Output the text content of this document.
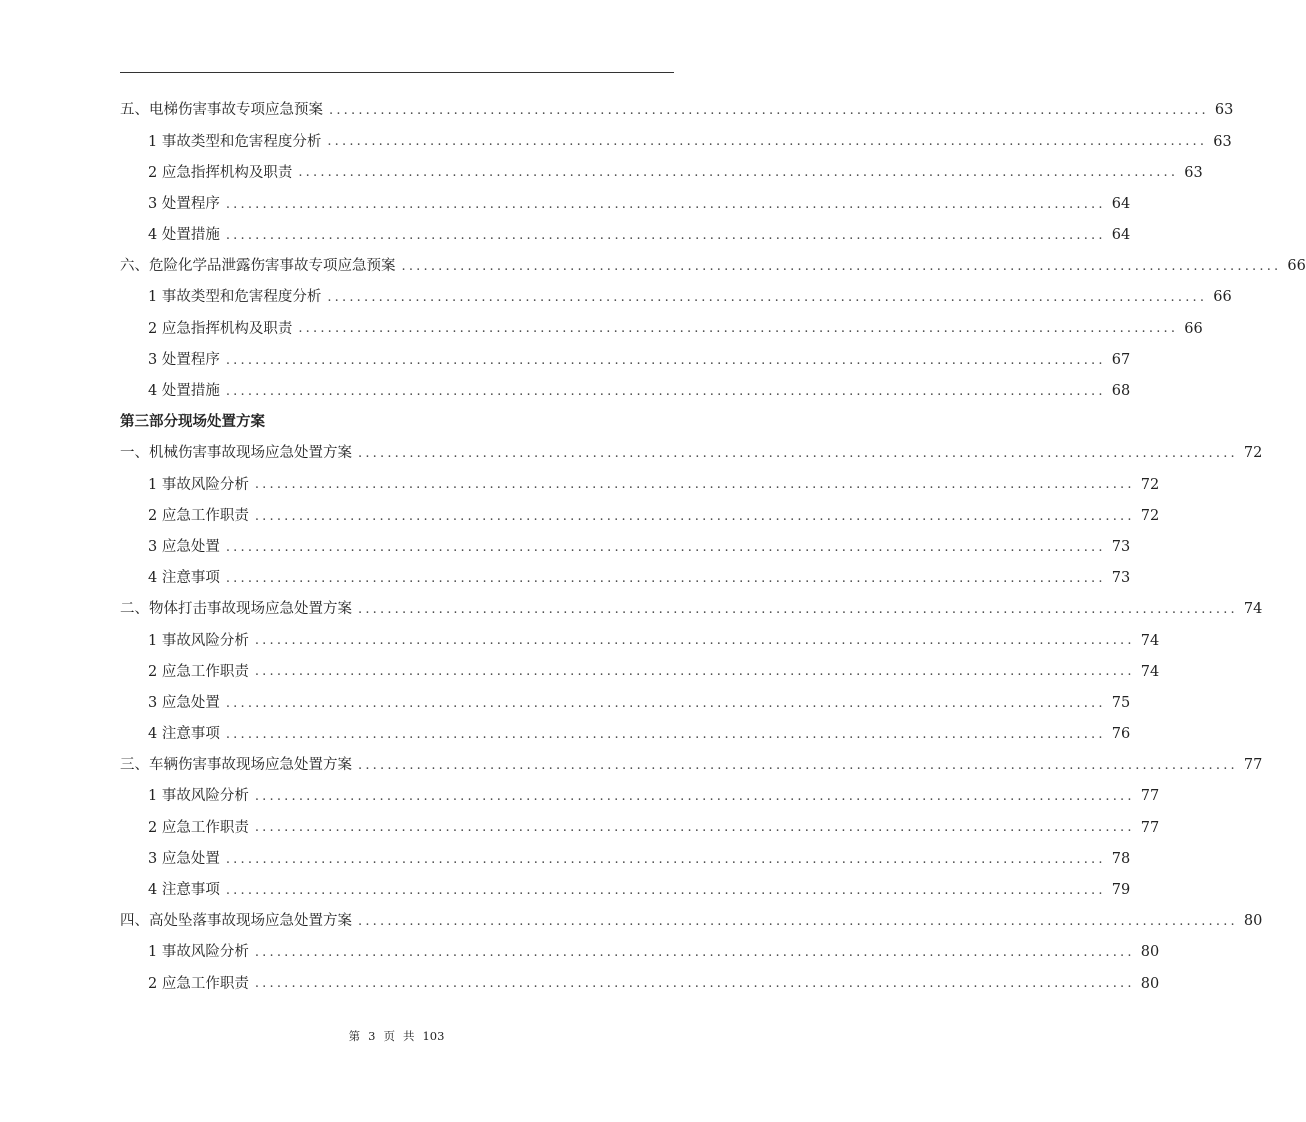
五、电梯伤害事故专项应急预案 ........................................................................................................................ 63
1 事故类型和危害程度分析 ........................................................................................................................ 63
2 应急指挥机构及职责 ........................................................................................................................ 63
3 处置程序 ........................................................................................................................ 64
4 处置措施 ........................................................................................................................ 64
六、危险化学品泄露伤害事故专项应急预案 ........................................................................................................................ 66
1 事故类型和危害程度分析 ........................................................................................................................ 66
2 应急指挥机构及职责 ........................................................................................................................ 66
3 处置程序 ........................................................................................................................ 67
4 处置措施 ........................................................................................................................ 68
第三部分现场处置方案
一、机械伤害事故现场应急处置方案 ........................................................................................................................ 72
1 事故风险分析 ........................................................................................................................ 72
2 应急工作职责 ........................................................................................................................ 72
3 应急处置 ........................................................................................................................ 73
4 注意事项 ........................................................................................................................ 73
二、物体打击事故现场应急处置方案 ........................................................................................................................ 74
1 事故风险分析 ........................................................................................................................ 74
2 应急工作职责 ........................................................................................................................ 74
3 应急处置 ........................................................................................................................ 75
4 注意事项 ........................................................................................................................ 76
三、车辆伤害事故现场应急处置方案 ........................................................................................................................ 77
1 事故风险分析 ........................................................................................................................ 77
2 应急工作职责 ........................................................................................................................ 77
3 应急处置 ........................................................................................................................ 78
4 注意事项 ........................................................................................................................ 79
四、高处坠落事故现场应急处置方案 ........................................................................................................................ 80
1 事故风险分析 ........................................................................................................................ 80
2 应急工作职责 ........................................................................................................................ 80
第 3 页 共 103
